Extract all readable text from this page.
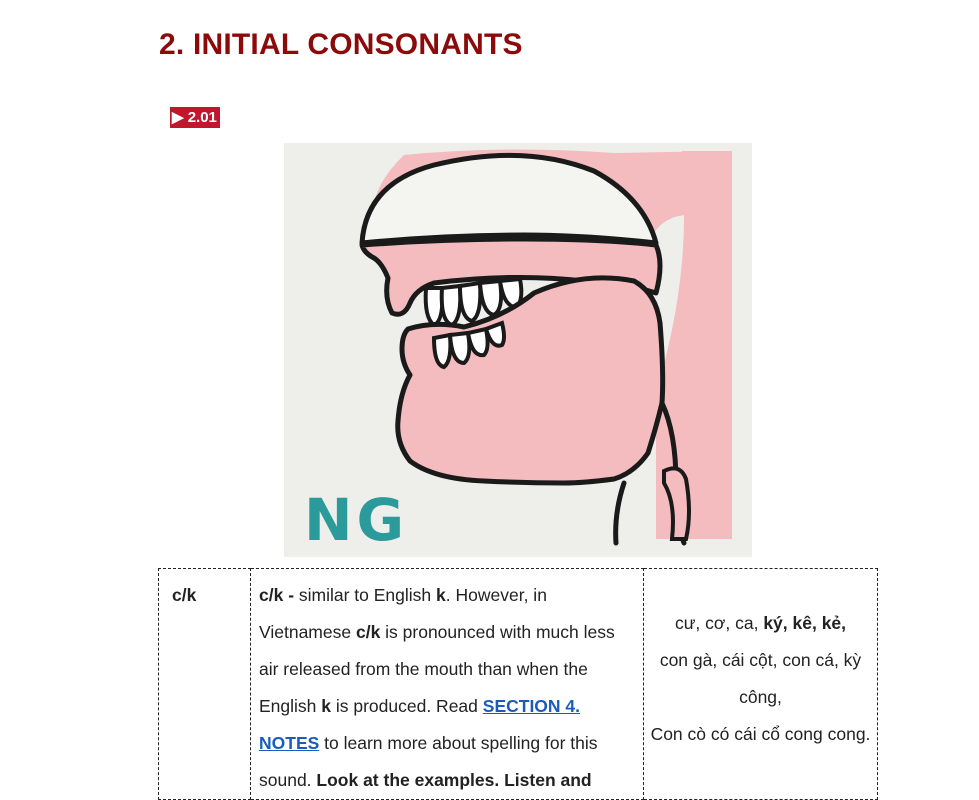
2. INITIAL CONSONANTS
▶ 2.01
NG
c/k	c/k - similar to English k. However, in Vietnamese c/k is pronounced with much less air released from the mouth than when the English k is produced. Read SECTION 4. NOTES to learn more about spelling for this sound. Look at the examples. Listen and	cư, cơ, ca, ký, kê, kẻ,
con gà, cái cột, con cá, kỳ công,
Con cò có cái cổ cong cong.
